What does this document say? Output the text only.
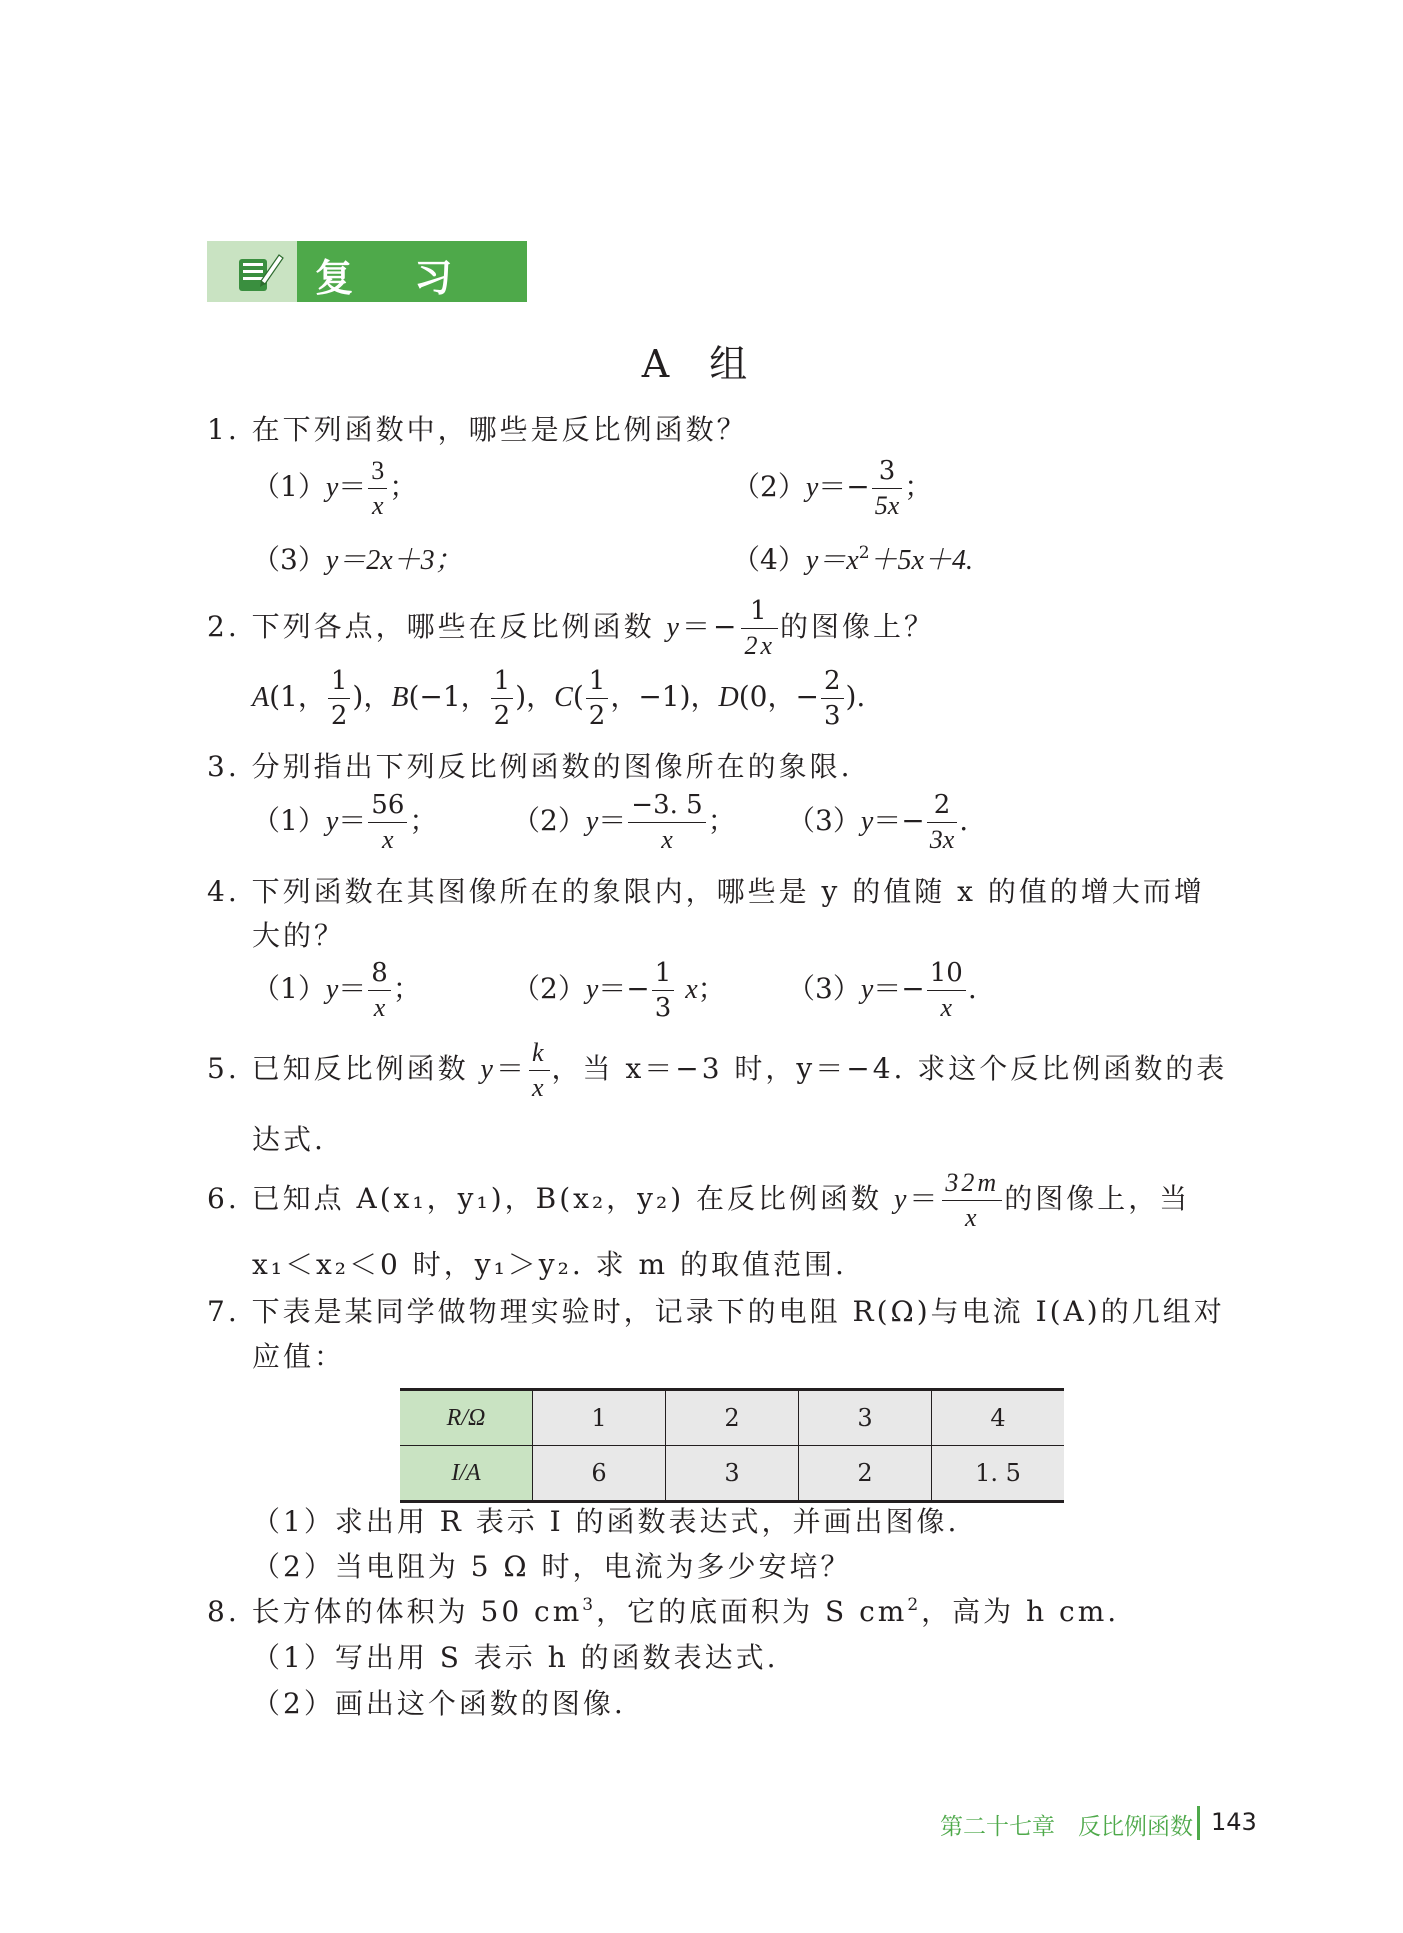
复 习 题
A 组
1. 在下列函数中，哪些是反比例函数？
$(1)y= \frac{3}{x}$ ；	$(2)y=- \frac{3}{5x}$ ；
（3）y＝2x＋3；	$(4)y=x^2+5x+4$.
2. 下列各点，哪些在反比例函数 $y=- \frac{1}{2x}$ 的图像上？
A(1， $\frac{1}{2}$ )，B(−1， $\frac{1}{2}$ )，$C( \frac{1}{2}$ ，−1)，D(0，− $\frac{2}{3}$ ).
3. 分别指出下列反比例函数的图像所在的象限.
$(1)y= \frac{56}{x}$ ；	$(2)y= \frac{-3. 5}{x}$ ； $(3)y=- \frac{2}{3x}$ .
4. 下列函数在其图像所在的象限内，哪些是 y 的值随 x 的值的增大而增
大的？
$(1)y= \frac{8}{x}$ ；	$(2)y=- \frac{1}{3}$ x； $(3)y=- \frac{10}{x}$ .
5. 已知反比例函数 $y= \frac{k}{x}$ ，当 x＝−3 时，y＝−4. 求这个反比例函数的表
达式.
6. 已知点 A(x₁，y₁)，B(x₂，y₂) 在反比例函数 $y= \frac{32m}{x}$ 的图像上，当
x₁＜x₂＜0 时，y₁＞y₂. 求 m 的取值范围.
7. 下表是某同学做物理实验时，记录下的电阻 R(Ω)与电流 I(A)的几组对
应值：
R/Ω	1	2	3	4
I/A	6	3	2	1. 5
（1）求出用 R 表示 I 的函数表达式，并画出图像.
（2）当电阻为 5 Ω 时，电流为多少安培？
8. 长方体的体积为 50 $cm^3$，它的底面积为 S $cm^2$，高为 h cm.
（1）写出用 S 表示 h 的函数表达式.
（2）画出这个函数的图像.
第二十七章　反比例函数 143
